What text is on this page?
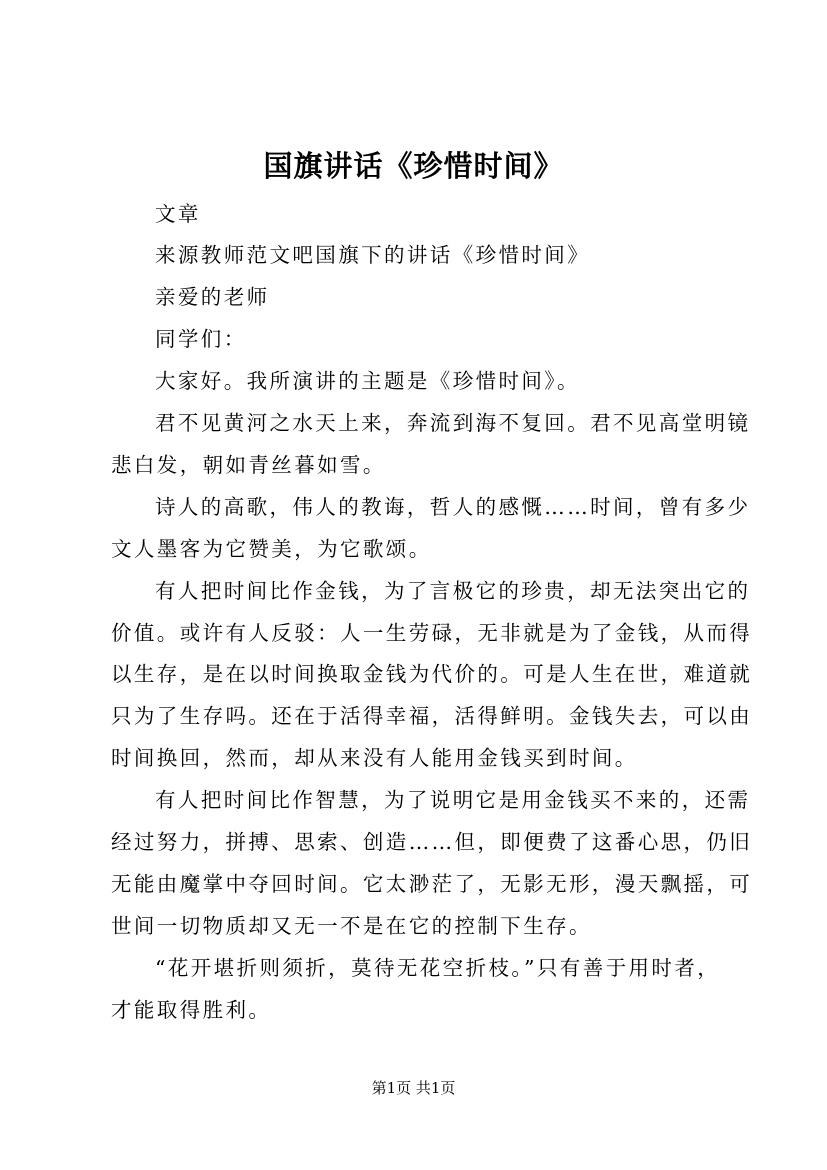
国旗讲话《珍惜时间》
文章
来源教师范文吧国旗下的讲话《珍惜时间》
亲爱的老师
同学们：
大家好。我所演讲的主题是《珍惜时间》。
君不见黄河之水天上来，奔流到海不复回。君不见高堂明镜
悲白发，朝如青丝暮如雪。
诗人的高歌，伟人的教诲，哲人的感慨……时间，曾有多少
文人墨客为它赞美，为它歌颂。
有人把时间比作金钱，为了言极它的珍贵，却无法突出它的
价值。或许有人反驳：人一生劳碌，无非就是为了金钱，从而得
以生存，是在以时间换取金钱为代价的。可是人生在世，难道就
只为了生存吗。还在于活得幸福，活得鲜明。金钱失去，可以由
时间换回，然而，却从来没有人能用金钱买到时间。
有人把时间比作智慧，为了说明它是用金钱买不来的，还需
经过努力，拼搏、思索、创造……但，即便费了这番心思，仍旧
无能由魔掌中夺回时间。它太渺茫了，无影无形，漫天飘摇，可
世间一切物质却又无一不是在它的控制下生存。
“花开堪折则须折，莫待无花空折枝。”只有善于用时者，
才能取得胜利。
第1页 共1页
